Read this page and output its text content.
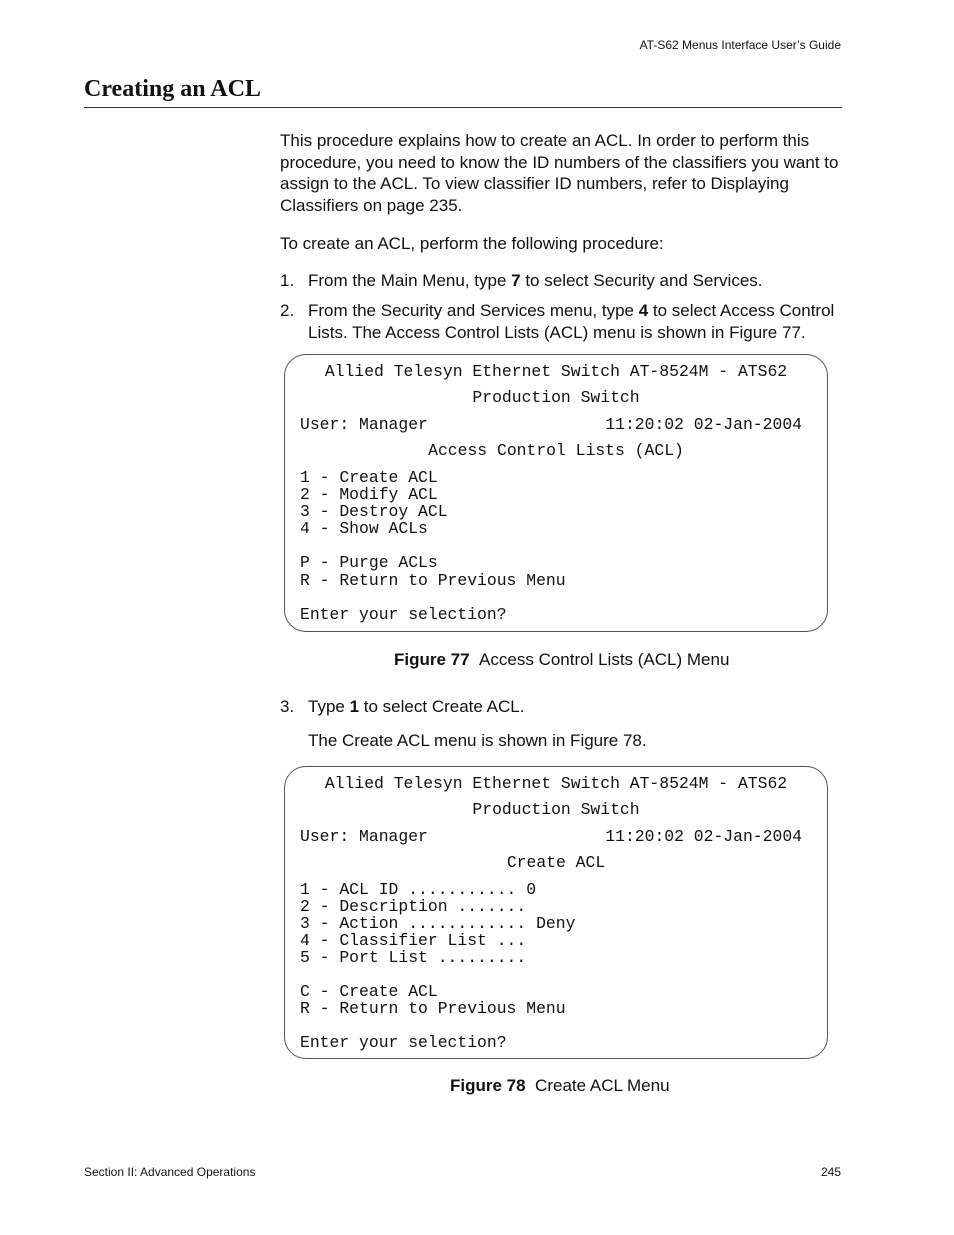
AT-S62 Menus Interface User’s Guide
Creating an ACL
This procedure explains how to create an ACL. In order to perform this procedure, you need to know the ID numbers of the classifiers you want to assign to the ACL. To view classifier ID numbers, refer to Displaying Classifiers on page 235.
To create an ACL, perform the following procedure:
1. From the Main Menu, type 7 to select Security and Services.
2. From the Security and Services menu, type 4 to select Access Control Lists. The Access Control Lists (ACL) menu is shown in Figure 77.
Allied Telesyn Ethernet Switch AT-8524M - ATS62
Production Switch
User: Manager	11:20:02 02-Jan-2004
Access Control Lists (ACL)
1 - Create ACL
2 - Modify ACL
3 - Destroy ACL
4 - Show ACLs
P - Purge ACLs
R - Return to Previous Menu
Enter your selection?
Figure 77 Access Control Lists (ACL) Menu
3. Type 1 to select Create ACL.
The Create ACL menu is shown in Figure 78.
Allied Telesyn Ethernet Switch AT-8524M - ATS62
Production Switch
User: Manager	11:20:02 02-Jan-2004
Create ACL
1 - ACL ID ........... 0
2 - Description .......
3 - Action ............ Deny
4 - Classifier List ...
5 - Port List .........
C - Create ACL
R - Return to Previous Menu
Enter your selection?
Figure 78 Create ACL Menu
Section II: Advanced Operations	245
